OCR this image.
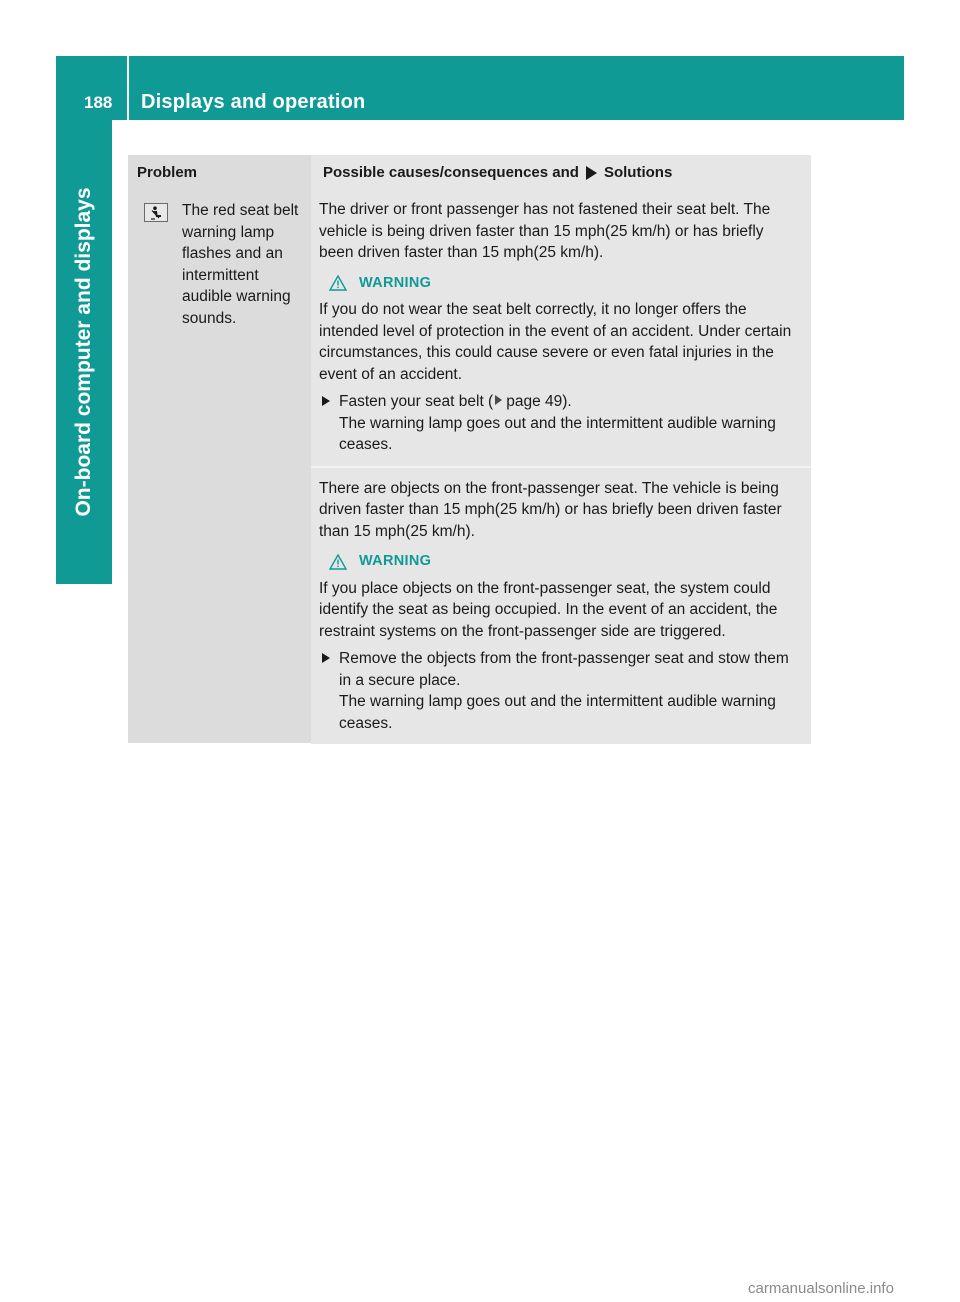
188 Displays and operation
On-board computer and displays
Problem	Possible causes/consequences and Solutions
The red seat belt warning lamp flashes and an intermittent audible warning sounds.

The driver or front passenger has not fastened their seat belt. The vehicle is being driven faster than 15 mph(25 km/h) or has briefly been driven faster than 15 mph(25 km/h).

WARNING

If you do not wear the seat belt correctly, it no longer offers the intended level of protection in the event of an accident. Under certain circumstances, this could cause severe or even fatal injuries in the event of an accident.

Fasten your seat belt ( page 49).
The warning lamp goes out and the intermittent audible warning ceases.

There are objects on the front-passenger seat. The vehicle is being driven faster than 15 mph(25 km/h) or has briefly been driven faster than 15 mph(25 km/h).

WARNING

If you place objects on the front-passenger seat, the system could identify the seat as being occupied. In the event of an accident, the restraint systems on the front-passenger side are triggered.

Remove the objects from the front-passenger seat and stow them in a secure place.
The warning lamp goes out and the intermittent audible warning ceases.
carmanualsonline.info
